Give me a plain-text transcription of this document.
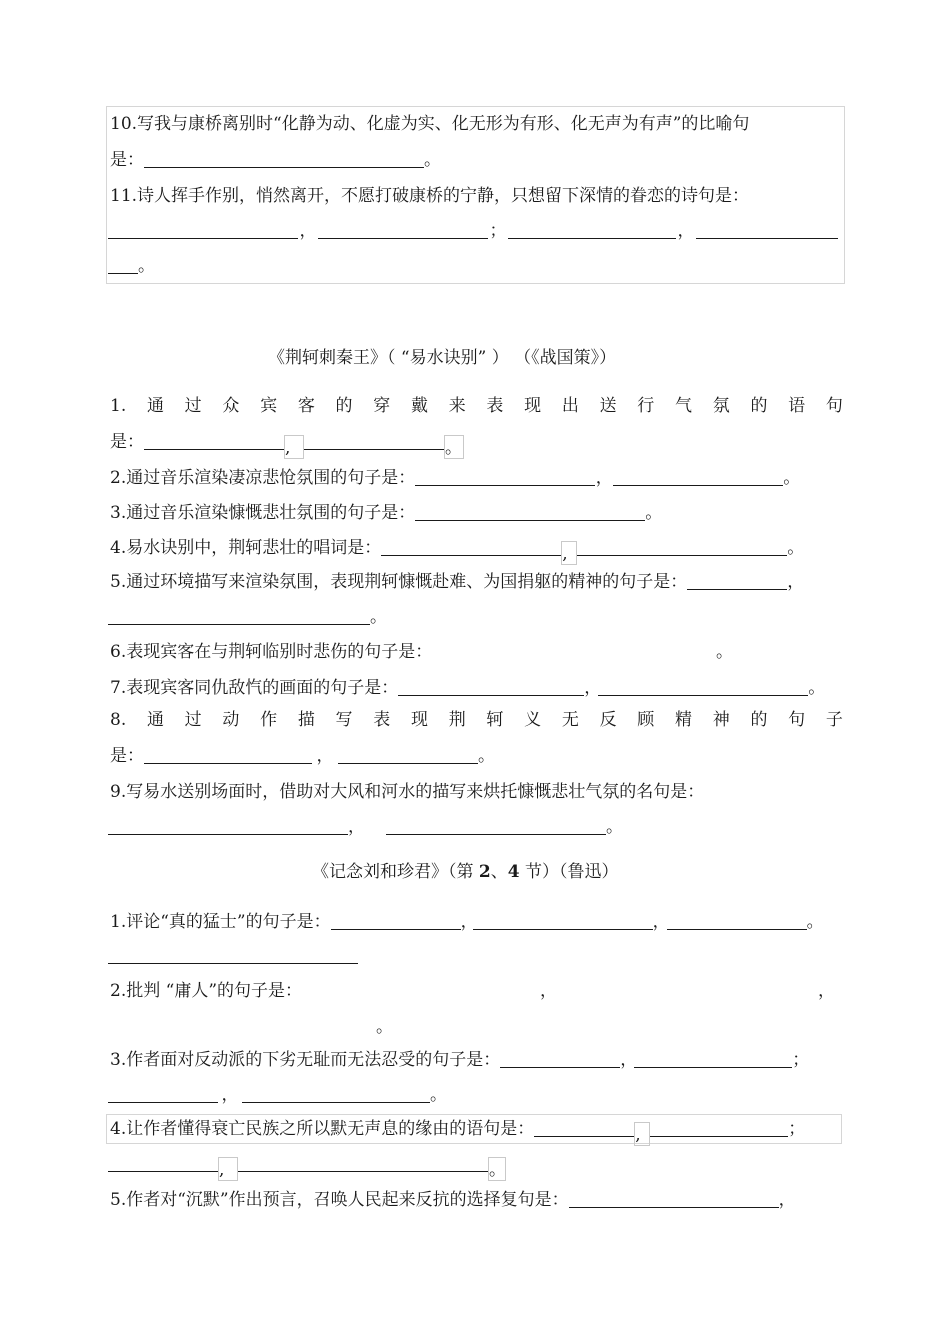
10.写我与康桥离别时“化静为动、化虚为实、化无形为有形、化无声为有声”的比喻句
是：	。
11.诗人挥手作别，悄然离开，不愿打破康桥的宁静，只想留下深情的眷恋的诗句是：
，	；	，
。
《荆轲刺秦王》（ “易水诀别” ） （《战国策》）
1. 通 过 众 宾 客 的 穿 戴 来 表 现 出 送 行 气 氛 的 语 句
是：	,	。
2.通过音乐渲染凄凉悲怆氛围的句子是：	，	。
3.通过音乐渲染慷慨悲壮氛围的句子是：	。
4.易水诀别中，荆轲悲壮的唱词是：	,	。
5.通过环境描写来渲染氛围，表现荆轲慷慨赴难、为国捐躯的精神的句子是：	，
。
6.表现宾客在与荆轲临别时悲伤的句子是：	。
7.表现宾客同仇敌忾的画面的句子是：	，	。
8. 通 过 动 作 描 写 表 现 荆 轲 义 无 反 顾 精 神 的 句 子
是：	，	。
9.写易水送别场面时，借助对大风和河水的描写来烘托慷慨悲壮气氛的名句是：
，	。
《记念刘和珍君》（第 2、4 节）（鲁迅）
1.评论“真的猛士”的句子是：	，	，	。
2.批判 “庸人”的句子是：	，	，
。
3.作者面对反动派的下劣无耻而无法忍受的句子是：	，	；
，	。
4.让作者懂得衰亡民族之所以默无声息的缘由的语句是：	,	；
,	。
5.作者对“沉默”作出预言，召唤人民起来反抗的选择复句是：	，
